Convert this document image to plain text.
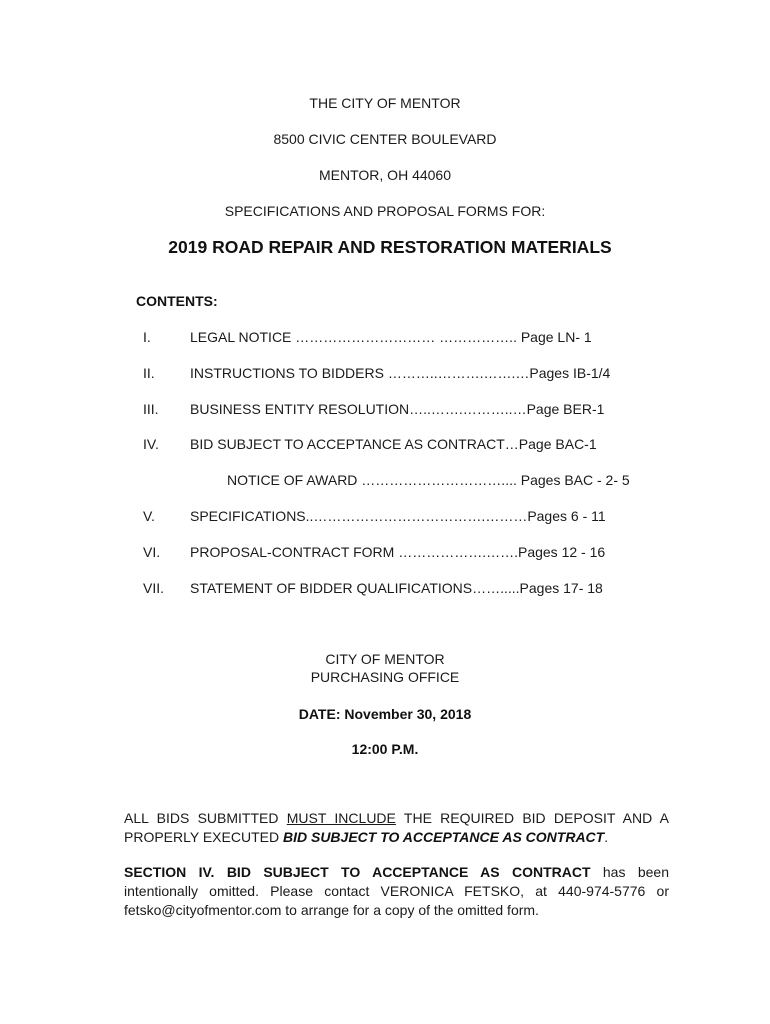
THE CITY OF MENTOR
8500 CIVIC CENTER BOULEVARD
MENTOR, OH 44060
SPECIFICATIONS AND PROPOSAL FORMS FOR:
2019 ROAD REPAIR AND RESTORATION MATERIALS
CONTENTS:
I.	LEGAL NOTICE ………………………… …………….. Page LN- 1
II.	INSTRUCTIONS TO BIDDERS ………..……….…….…Pages IB-1/4
III. BUSINESS ENTITY RESOLUTION…..…….………..…Page BER-1
IV. BID SUBJECT TO ACCEPTANCE AS CONTRACT…Page BAC-1
NOTICE OF AWARD ………………………….... Pages BAC - 2- 5
V.	SPECIFICATIONS..……………………………….………Pages 6 - 11
VI. PROPOSAL-CONTRACT FORM ……………….…….Pages 12 - 16
VII. STATEMENT OF BIDDER QUALIFICATIONS…….....Pages 17- 18
CITY OF MENTOR
PURCHASING OFFICE
DATE: November 30, 2018
12:00 P.M.
ALL BIDS SUBMITTED MUST INCLUDE THE REQUIRED BID DEPOSIT AND A PROPERLY EXECUTED BID SUBJECT TO ACCEPTANCE AS CONTRACT.
SECTION IV. BID SUBJECT TO ACCEPTANCE AS CONTRACT has been intentionally omitted. Please contact VERONICA FETSKO, at 440-974-5776 or fetsko@cityofmentor.com to arrange for a copy of the omitted form.
